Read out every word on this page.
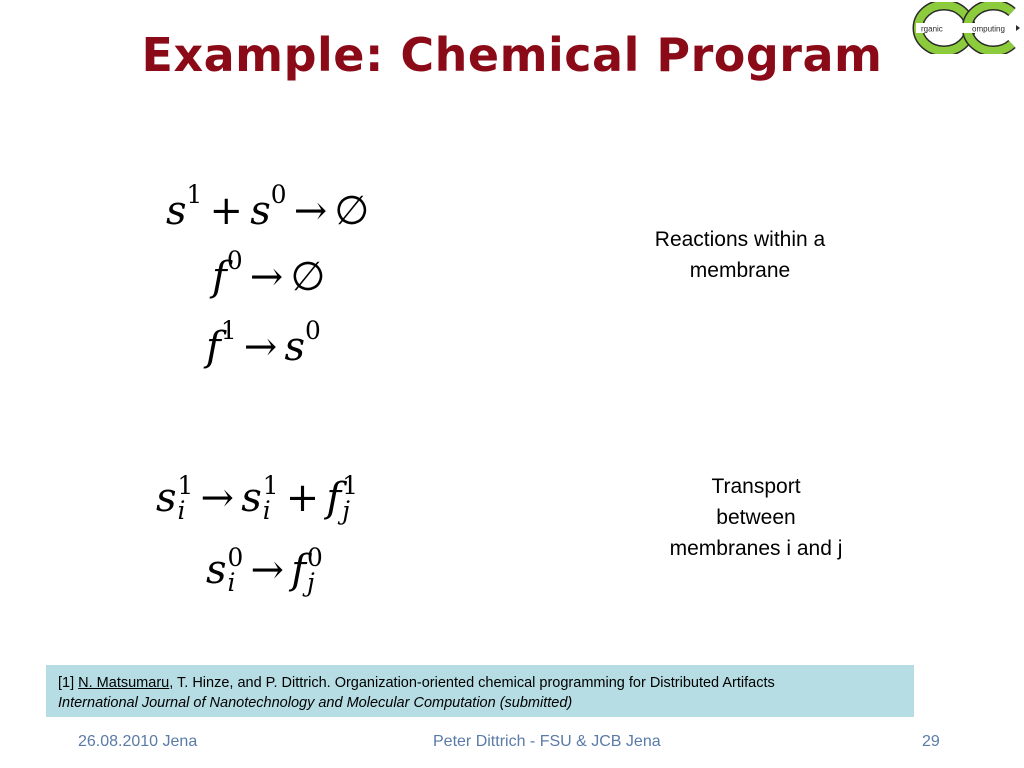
Example: Chemical Program	rganic	omputing
$s^1 + s^0$ → ∅
$f^0$ → ∅
$f^1 \to s^0$
Reactions within a
membrane
s 1
i → s 1
i + f 1
j
s 0
i → f 0
j
Transport
between
membranes i and j
[1] N. Matsumaru, T. Hinze, and P. Dittrich. Organization-oriented chemical programming for Distributed Artifacts
International Journal of Nanotechnology and Molecular Computation (submitted)
26.08.2010 Jena	Peter Dittrich - FSU & JCB Jena	29
